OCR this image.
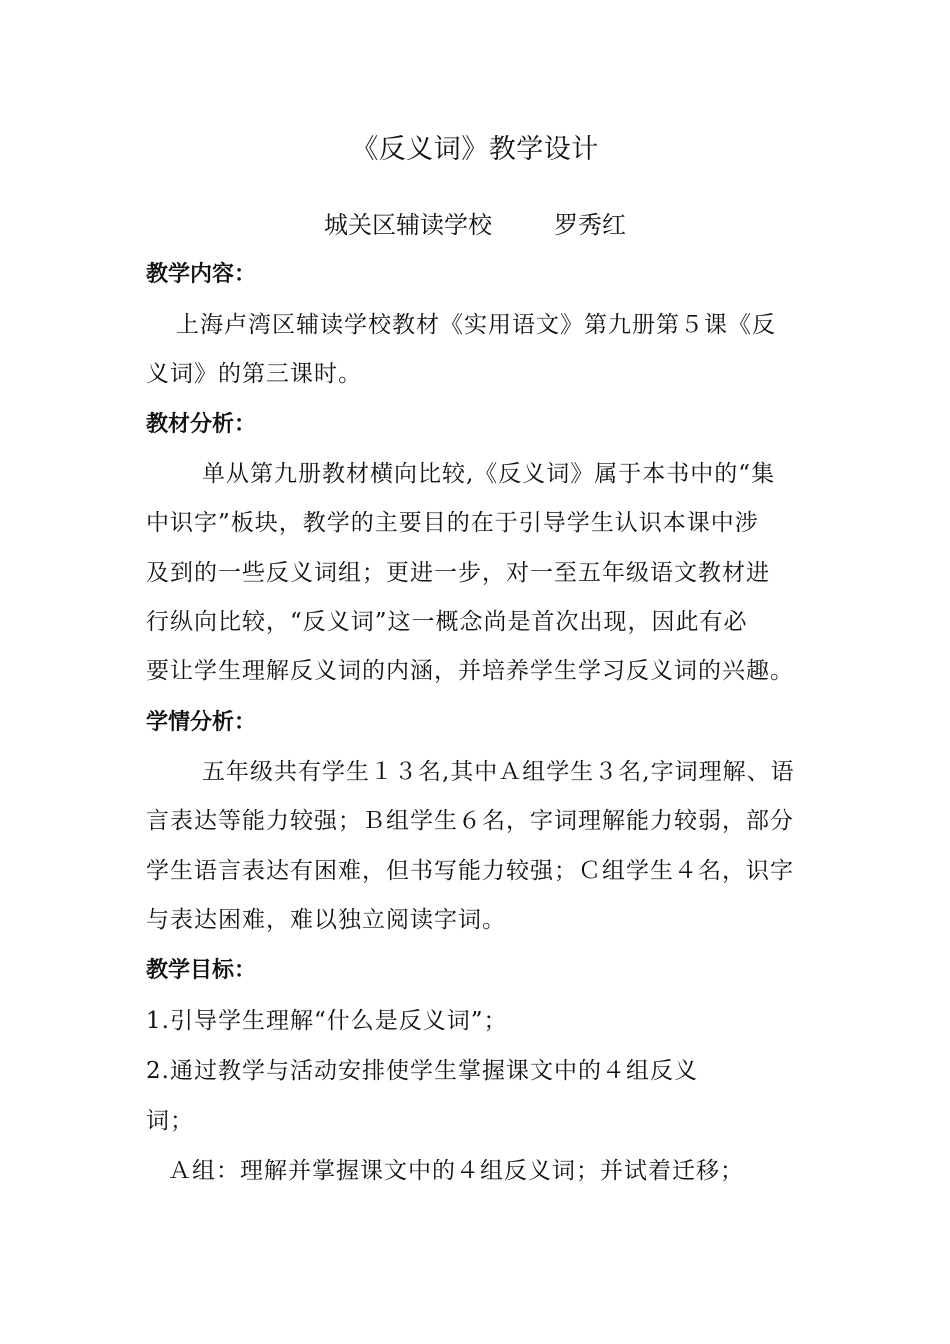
《反义词》教学设计
城关区辅读学校	罗秀红
教学内容：
上海卢湾区辅读学校教材《实用语文》第九册第５课《反
义词》的第三课时。
教材分析：
单从第九册教材横向比较,《反义词》属于本书中的“集
中识字”板块，教学的主要目的在于引导学生认识本课中涉
及到的一些反义词组；更进一步，对一至五年级语文教材进
行纵向比较，“反义词”这一概念尚是首次出现，因此有必
要让学生理解反义词的内涵，并培养学生学习反义词的兴趣。
学情分析：
五年级共有学生１３名,其中Ａ组学生３名,字词理解、语
言表达等能力较强；Ｂ组学生６名，字词理解能力较弱，部分
学生语言表达有困难，但书写能力较强；Ｃ组学生４名，识字
与表达困难，难以独立阅读字词。
教学目标：
1.引导学生理解“什么是反义词”；
2.通过教学与活动安排使学生掌握课文中的４组反义
词；
Ａ组：理解并掌握课文中的４组反义词；并试着迁移；
